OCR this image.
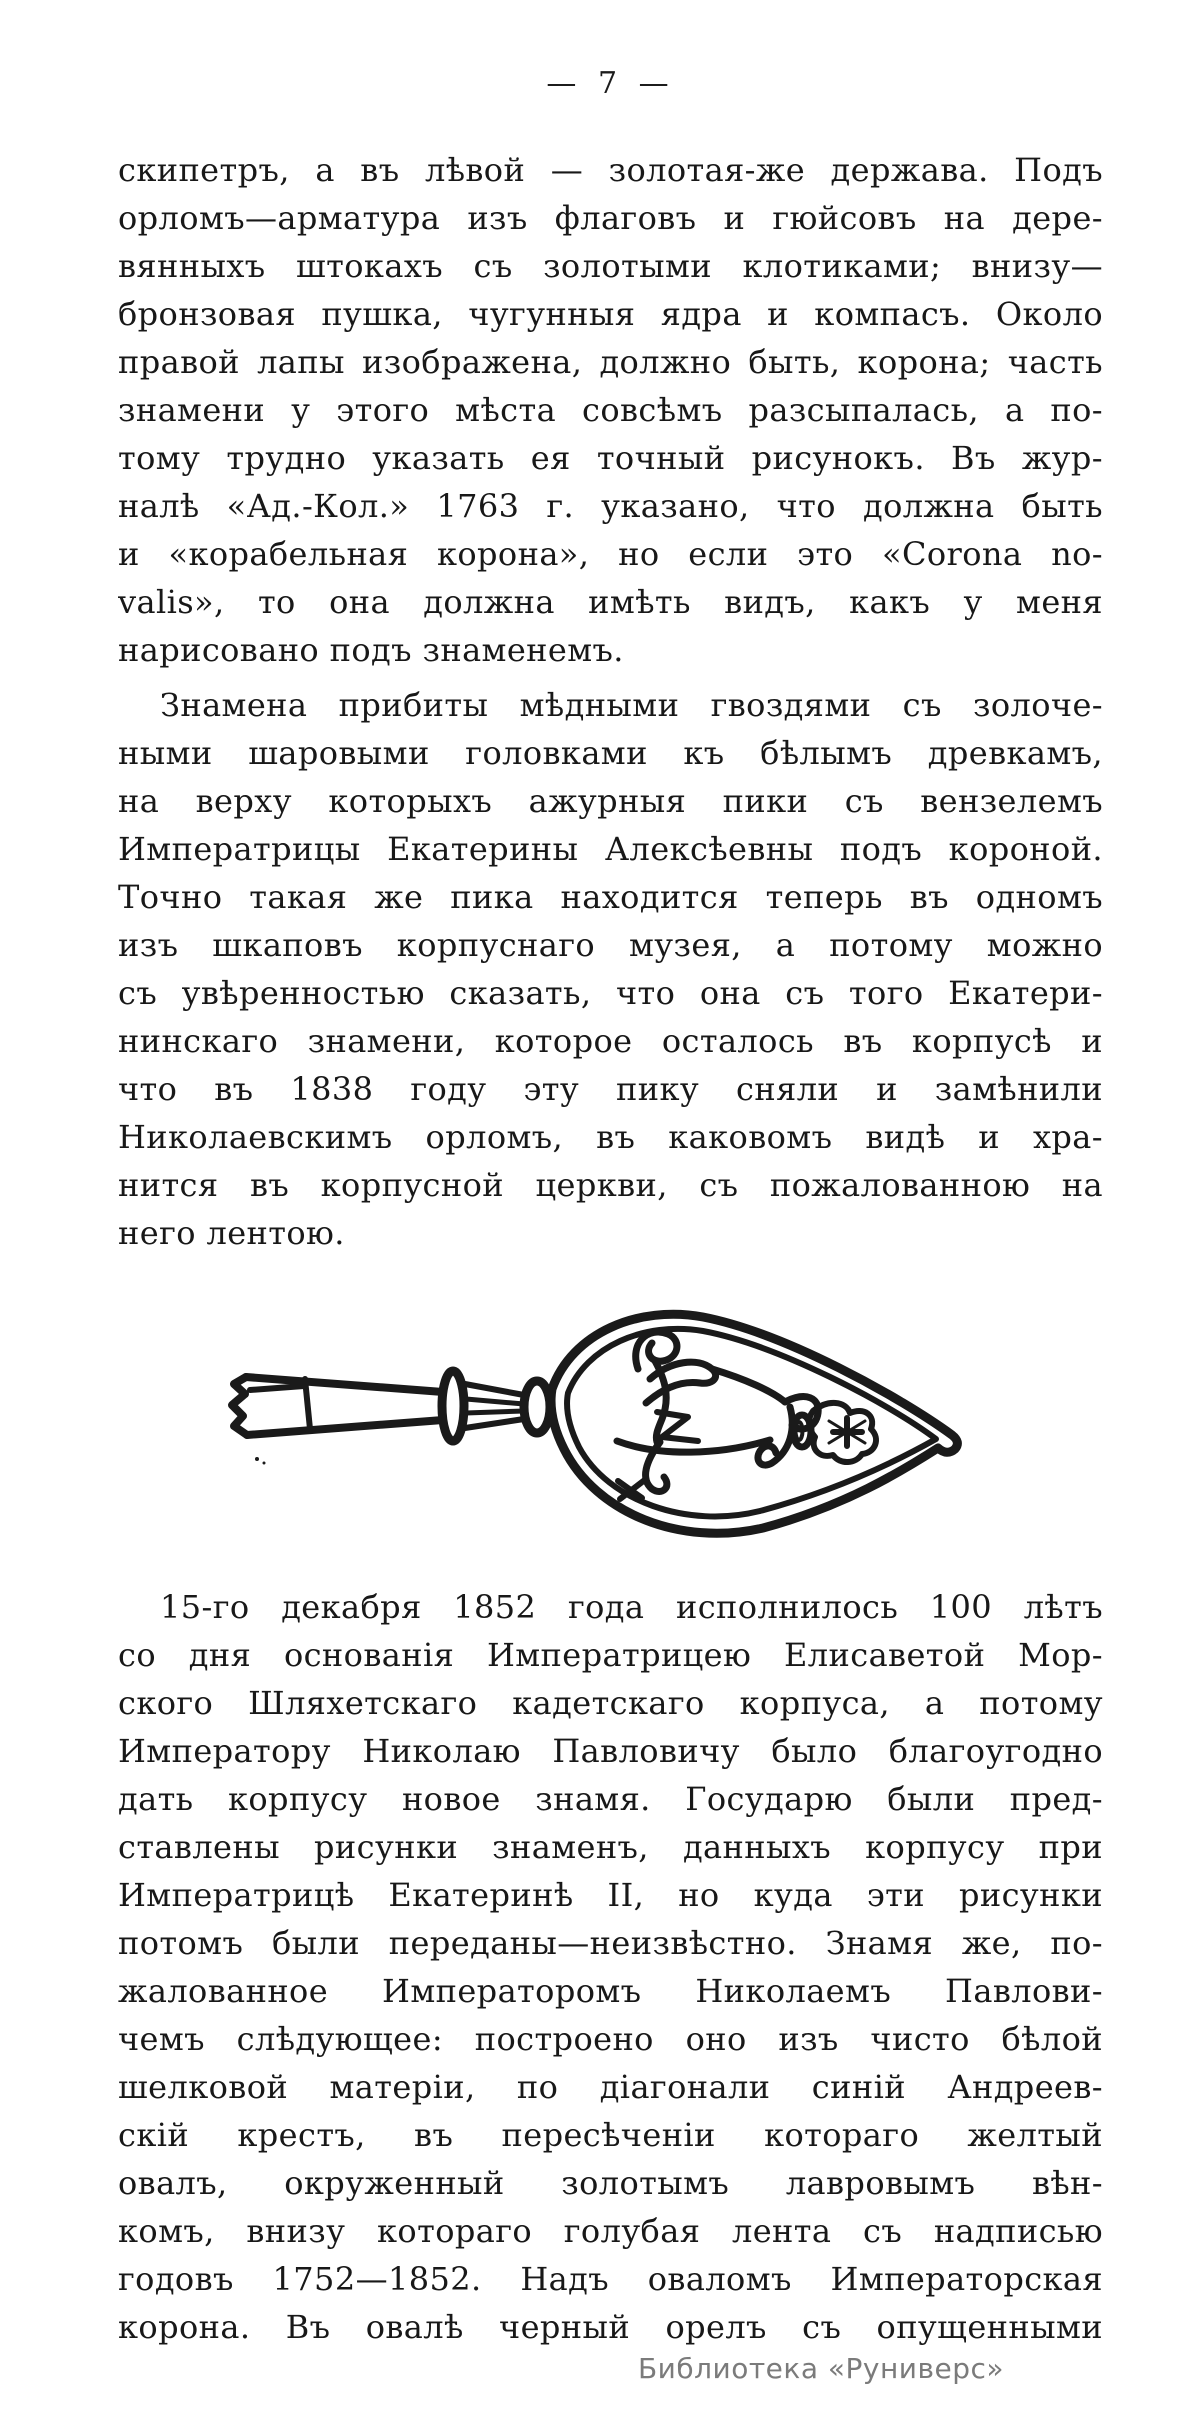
— 7 —
скипетръ, а въ лѣвой — золотая-же держава. Подъ
орломъ—арматура изъ флаговъ и гюйсовъ на дере-
вянныхъ штокахъ съ золотыми клотиками; внизу—
бронзовая пушка, чугунныя ядра и компасъ. Около
правой лапы изображена, должно быть, корона; часть
знамени у этого мѣста совсѣмъ разсыпалась, а по-
тому трудно указать ея точный рисунокъ. Въ жур-
налѣ «Ад.-Кол.» 1763 г. указано, что должна быть
и «корабельная корона», но если это «Corona no-
valis», то она должна имѣть видъ, какъ у меня
нарисовано подъ знаменемъ.
Знамена прибиты мѣдными гвоздями съ золоче-
ными шаровыми головками къ бѣлымъ древкамъ,
на верху которыхъ ажурныя пики съ вензелемъ
Императрицы Екатерины Алексѣевны подъ короной.
Точно такая же пика находится теперь въ одномъ
изъ шкаповъ корпуснаго музея, а потому можно
съ увѣренностью сказать, что она съ того Екатери-
нинскаго знамени, которое осталось въ корпусѣ и
что въ 1838 году эту пику сняли и замѣнили
Николаевскимъ орломъ, въ каковомъ видѣ и хра-
нится въ корпусной церкви, съ пожалованною на
него лентою.
15-го декабря 1852 года исполнилось 100 лѣтъ
со дня основанія Императрицею Елисаветой Мор-
ского Шляхетскаго кадетскаго корпуса, а потому
Императору Николаю Павловичу было благоугодно
дать корпусу новое знамя. Государю были пред-
ставлены рисунки знаменъ, данныхъ корпусу при
Императрицѣ Екатеринѣ II, но куда эти рисунки
потомъ были переданы—неизвѣстно. Знамя же, по-
жалованное Императоромъ Николаемъ Павлови-
чемъ слѣдующее: построено оно изъ чисто бѣлой
шелковой матеріи, по діагонали синій Андреев-
скій крестъ, въ пересѣченіи котораго желтый
овалъ, окруженный золотымъ лавровымъ вѣн-
комъ, внизу котораго голубая лента съ надписью
годовъ 1752—1852. Надъ оваломъ Императорская
корона. Въ овалѣ черный орелъ съ опущенными
Библиотека «Руниверс»
